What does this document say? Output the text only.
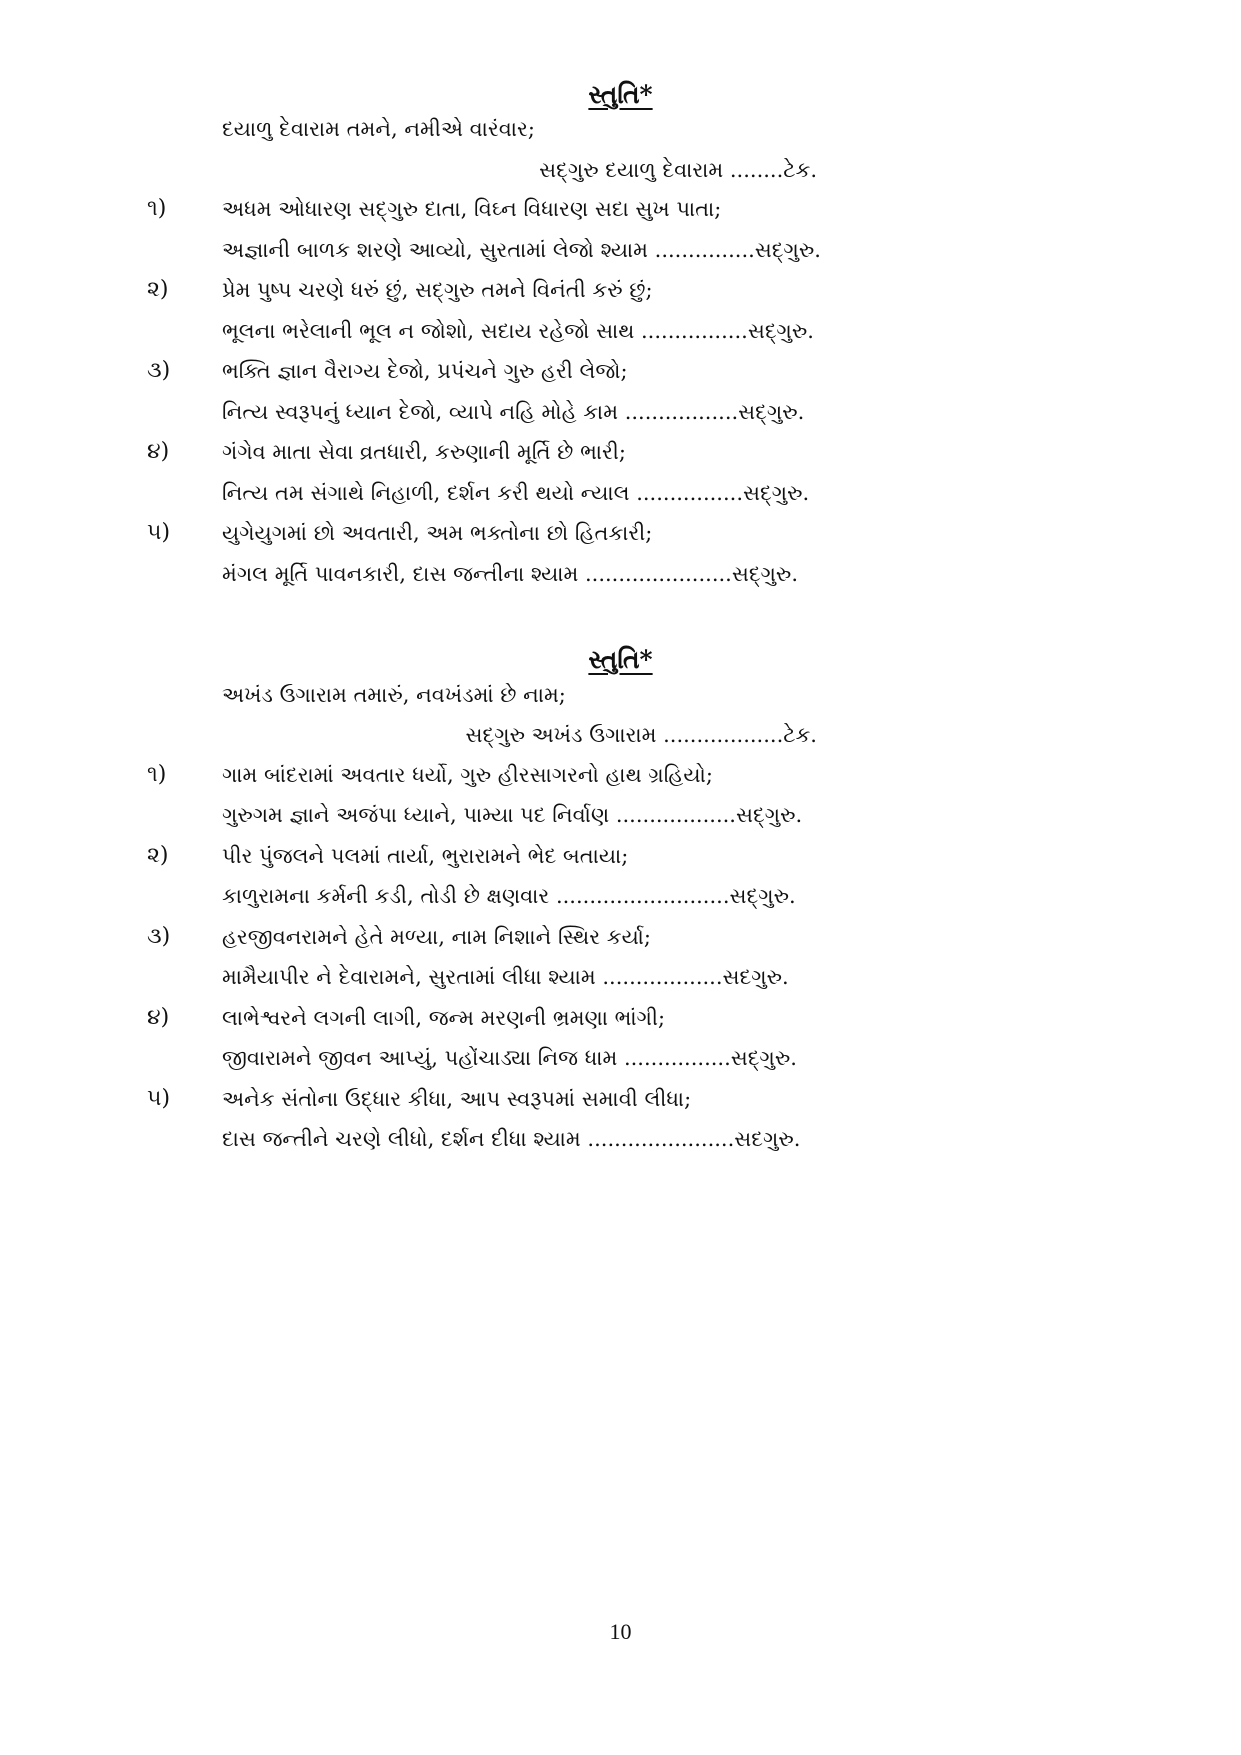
સ્તુતિ*

દયાળુ દેવારામ તમને, નમીએ વારંવાર;

સદ્ગુરુ દયાળુ દેવારામ ........ટેક.

૧)	અધમ ઓધારણ સદ્ગુરુ દાતા, વિઘ્ન વિધારણ સદા સુખ પાતા;

અજ્ઞાની બાળક શરણે આવ્યો, સુરતામાં લેજો શ્યામ ...............સદ્ગુરુ.

૨)	પ્રેમ પુષ્પ ચરણે ધરું છું, સદ્ગુરુ તમને વિનંતી કરું છું;

ભૂલના ભરેલાની ભૂલ ન જોશો, સદાય રહેજો સાથ ................સદ્ગુરુ.

૩) ભક્તિ જ્ઞાન વૈરાગ્ય દેજો, પ્રપંચને ગુરુ હરી લેજો;

નિત્ય સ્વરૂપનું ધ્યાન દેજો, વ્યાપે નહિ મોહે કામ .................સદ્ગુરુ.

૪)	ગંગેવ માતા સેવા વ્રતધારી, કરુણાની મૂર્તિ છે ભારી;

નિત્ય તમ સંગાથે નિહાળી, દર્શન કરી થયો ન્યાલ ................સદ્ગુરુ.

૫) યુગેયુગમાં છો અવતારી, અમ ભક્તોના છો હિતકારી;

મંગલ મૂર્તિ પાવનકારી, દાસ જન્તીના શ્યામ ......................સદ્ગુરુ.

સ્તુતિ*

અખંડ ઉગારામ તમારું, નવખંડમાં છે નામ;

સદ્ગુરુ અખંડ ઉગારામ ..................ટેક.

૧)	ગામ બાંદરામાં અવતાર ધર્યો, ગુરુ હીરસાગરનો હાથ ગ્રહિયો;

ગુરુગમ જ્ઞાને અજંપા ધ્યાને, પામ્યા પદ નિર્વાણ ..................સદ્ગુરુ.

૨)	પીર પુંજલને પલમાં તાર્યા, ભુરારામને ભેદ બતાયા;

કાળુરામના કર્મની કડી, તોડી છે ક્ષણવાર ..........................સદ્ગુરુ.

૩) હરજીવનરામને હેતે મળ્યા, નામ નિશાને સ્થિર કર્યા;

મામૈયાપીર ને દેવારામને, સુરતામાં લીધા શ્યામ ..................સદગુરુ.

૪)	લાભેશ્વરને લગની લાગી, જન્મ મરણની ભ્રમણા ભાંગી;

જીવારામને જીવન આપ્યું, પહોંચાડ્યા નિજ ધામ ................સદ્ગુરુ.

૫) અનેક સંતોના ઉદ્ધાર કીધા, આપ સ્વરૂપમાં સમાવી લીધા;

દાસ જન્તીને ચરણે લીધો, દર્શન દીધા શ્યામ ......................સદગુરુ.

10
